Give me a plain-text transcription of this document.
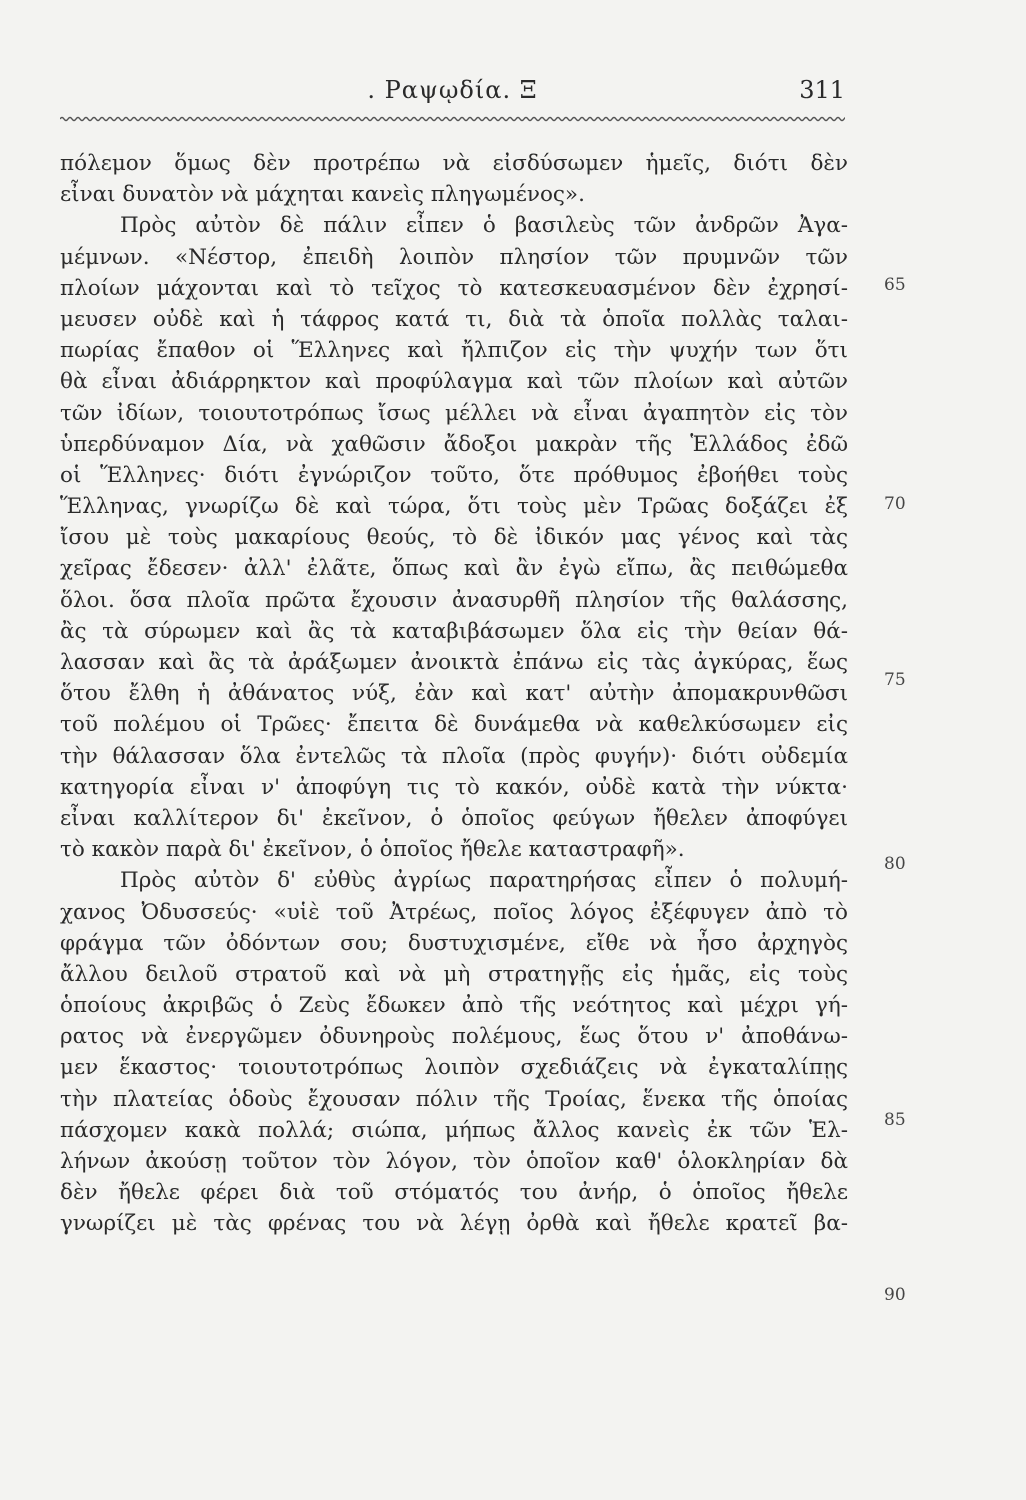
. Ραψῳδία. Ξ	311
πόλεμον ὅμως δὲν προτρέπω νὰ εἰσδύσωμεν ἡμεῖς, διότι δὲν
εἶναι δυνατὸν νὰ μάχηται κανεὶς πληγωμένος».
Πρὸς αὐτὸν δὲ πάλιν εἶπεν ὁ βασιλεὺς τῶν ἀνδρῶν Ἀγα-
μέμνων. «Νέστορ, ἐπειδὴ λοιπὸν πλησίον τῶν πρυμνῶν τῶν
πλοίων μάχονται καὶ τὸ τεῖχος τὸ κατεσκευασμένον δὲν ἐχρησί-
μευσεν οὐδὲ καὶ ἡ τάφρος κατά τι, διὰ τὰ ὁποῖα πολλὰς ταλαι-
πωρίας ἔπαθον οἱ Ἕλληνες καὶ ἤλπιζον εἰς τὴν ψυχήν των ὅτι
θὰ εἶναι ἀδιάρρηκτον καὶ προφύλαγμα καὶ τῶν πλοίων καὶ αὐτῶν
τῶν ἰδίων, τοιουτοτρόπως ἴσως μέλλει νὰ εἶναι ἀγαπητὸν εἰς τὸν
ὑπερδύναμον Δία, νὰ χαθῶσιν ἄδοξοι μακρὰν τῆς Ἑλλάδος ἐδῶ
οἱ Ἕλληνες· διότι ἐγνώριζον τοῦτο, ὅτε πρόθυμος ἐβοήθει τοὺς
Ἕλληνας, γνωρίζω δὲ καὶ τώρα, ὅτι τοὺς μὲν Τρῶας δοξάζει ἐξ
ἴσου μὲ τοὺς μακαρίους θεούς, τὸ δὲ ἰδικόν μας γένος καὶ τὰς
χεῖρας ἔδεσεν· ἀλλ' ἐλᾶτε, ὅπως καὶ ἂν ἐγὼ εἴπω, ἂς πειθώμεθα
ὅλοι. ὅσα πλοῖα πρῶτα ἔχουσιν ἀνασυρθῆ πλησίον τῆς θαλάσσης,
ἂς τὰ σύρωμεν καὶ ἂς τὰ καταβιβάσωμεν ὅλα εἰς τὴν θείαν θά-
λασσαν καὶ ἂς τὰ ἀράξωμεν ἀνοικτὰ ἐπάνω εἰς τὰς ἀγκύρας, ἕως
ὅτου ἔλθη ἡ ἀθάνατος νύξ, ἐὰν καὶ κατ' αὐτὴν ἀπομακρυνθῶσι
τοῦ πολέμου οἱ Τρῶες· ἔπειτα δὲ δυνάμεθα νὰ καθελκύσωμεν εἰς
τὴν θάλασσαν ὅλα ἐντελῶς τὰ πλοῖα (πρὸς φυγήν)· διότι οὐδεμία
κατηγορία εἶναι ν' ἀποφύγη τις τὸ κακόν, οὐδὲ κατὰ τὴν νύκτα·
εἶναι καλλίτερον δι' ἐκεῖνον, ὁ ὁποῖος φεύγων ἤθελεν ἀποφύγει
τὸ κακὸν παρὰ δι' ἐκεῖνον, ὁ ὁποῖος ἤθελε καταστραφῆ».
Πρὸς αὐτὸν δ' εὐθὺς ἀγρίως παρατηρήσας εἶπεν ὁ πολυμή-
χανος Ὀδυσσεύς· «υἱὲ τοῦ Ἀτρέως, ποῖος λόγος ἐξέφυγεν ἀπὸ τὸ
φράγμα τῶν ὀδόντων σου; δυστυχισμένε, εἴθε νὰ ἦσο ἀρχηγὸς
ἄλλου δειλοῦ στρατοῦ καὶ νὰ μὴ στρατηγῇς εἰς ἡμᾶς, εἰς τοὺς
ὁποίους ἀκριβῶς ὁ Ζεὺς ἔδωκεν ἀπὸ τῆς νεότητος καὶ μέχρι γή-
ρατος νὰ ἐνεργῶμεν ὀδυνηροὺς πολέμους, ἕως ὅτου ν' ἀποθάνω-
μεν ἕκαστος· τοιουτοτρόπως λοιπὸν σχεδιάζεις νὰ ἐγκαταλίπῃς
τὴν πλατείας ὁδοὺς ἔχουσαν πόλιν τῆς Τροίας, ἕνεκα τῆς ὁποίας
πάσχομεν κακὰ πολλά; σιώπα, μήπως ἄλλος κανεὶς ἐκ τῶν Ἑλ-
λήνων ἀκούσῃ τοῦτον τὸν λόγον, τὸν ὁποῖον καθ' ὁλοκληρίαν δὰ
δὲν ἤθελε φέρει διὰ τοῦ στόματός του ἀνήρ, ὁ ὁποῖος ἤθελε
γνωρίζει μὲ τὰς φρένας του νὰ λέγῃ ὀρθὰ καὶ ἤθελε κρατεῖ βα-
65
70
75
80
85
90
